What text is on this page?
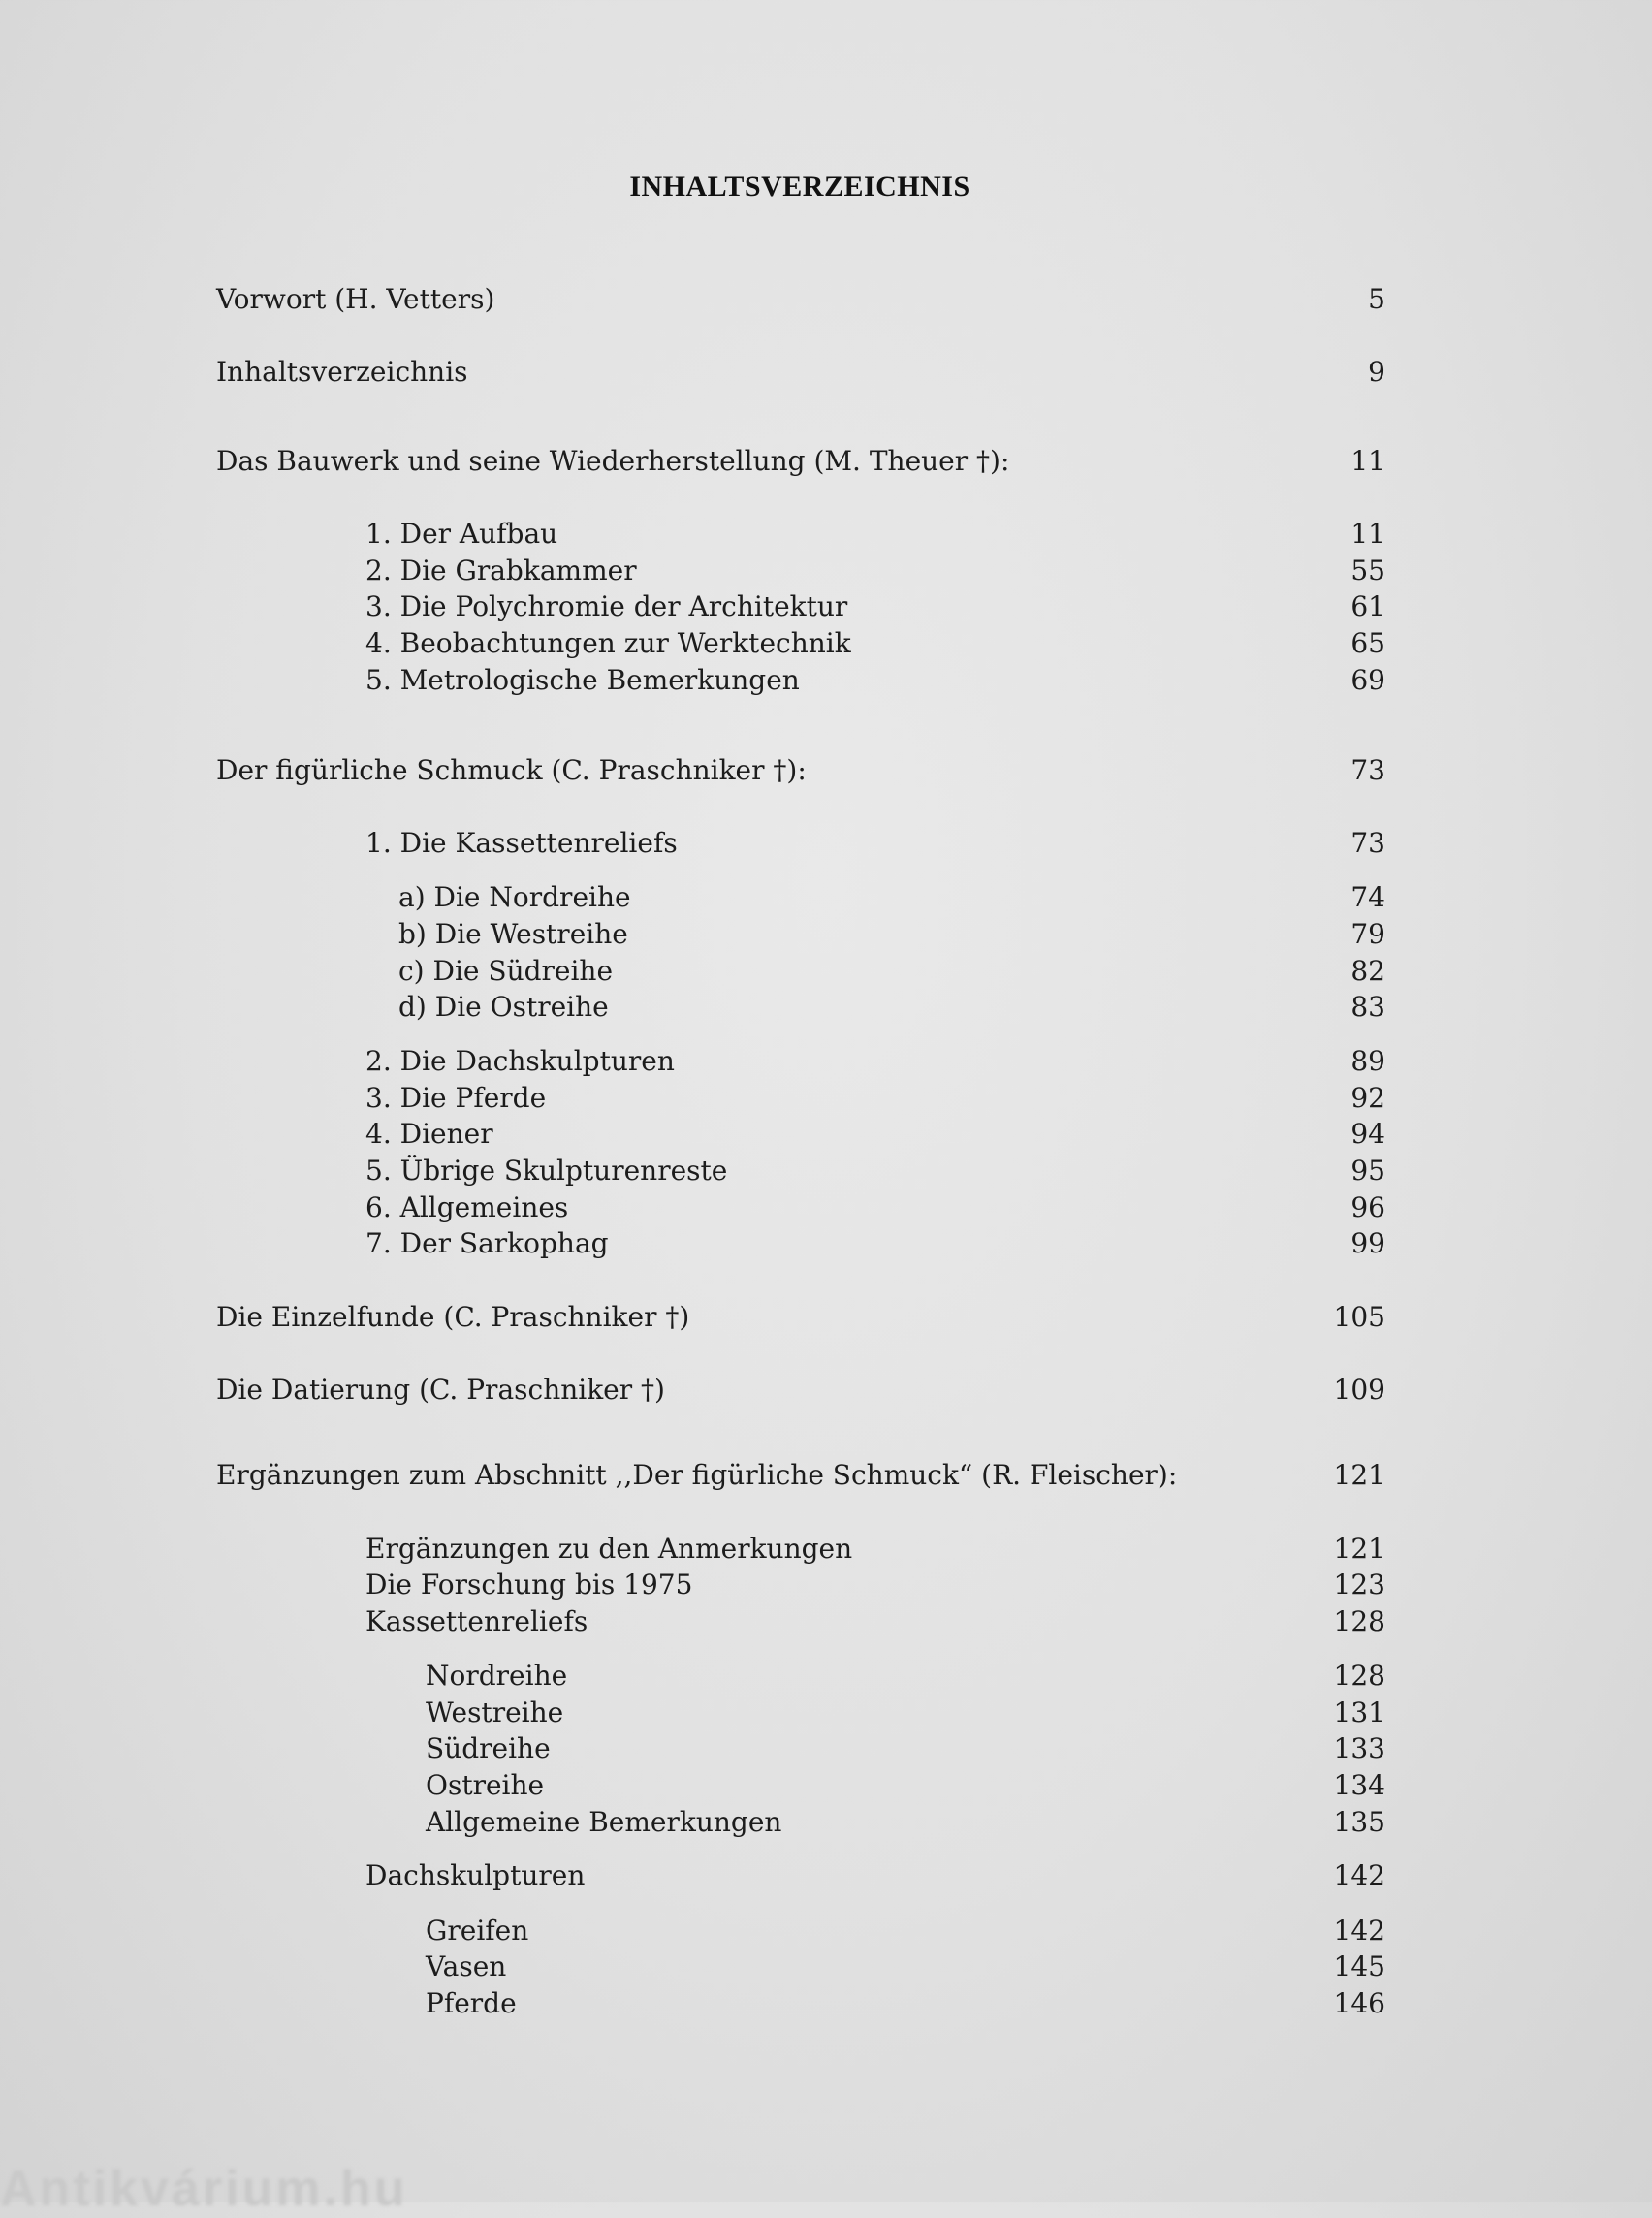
INHALTSVERZEICHNIS
Vorwort (H. Vetters)	5
Inhaltsverzeichnis	9
Das Bauwerk und seine Wiederherstellung (M. Theuer †):	11
1. Der Aufbau	11
2. Die Grabkammer	55
3. Die Polychromie der Architektur	61
4. Beobachtungen zur Werktechnik	65
5. Metrologische Bemerkungen	69
Der figürliche Schmuck (C. Praschniker †):	73
1. Die Kassettenreliefs	73
a) Die Nordreihe	74
b) Die Westreihe	79
c) Die Südreihe	82
d) Die Ostreihe	83
2. Die Dachskulpturen	89
3. Die Pferde	92
4. Diener	94
5. Übrige Skulpturenreste	95
6. Allgemeines	96
7. Der Sarkophag	99
Die Einzelfunde (C. Praschniker †)	105
Die Datierung (C. Praschniker †)	109
Ergänzungen zum Abschnitt ,,Der figürliche Schmuck“ (R. Fleischer):	121
Ergänzungen zu den Anmerkungen	121
Die Forschung bis 1975	123
Kassettenreliefs	128
Nordreihe	128
Westreihe	131
Südreihe	133
Ostreihe	134
Allgemeine Bemerkungen	135
Dachskulpturen	142
Greifen	142
Vasen	145
Pferde	146
Antikvárium.hu
